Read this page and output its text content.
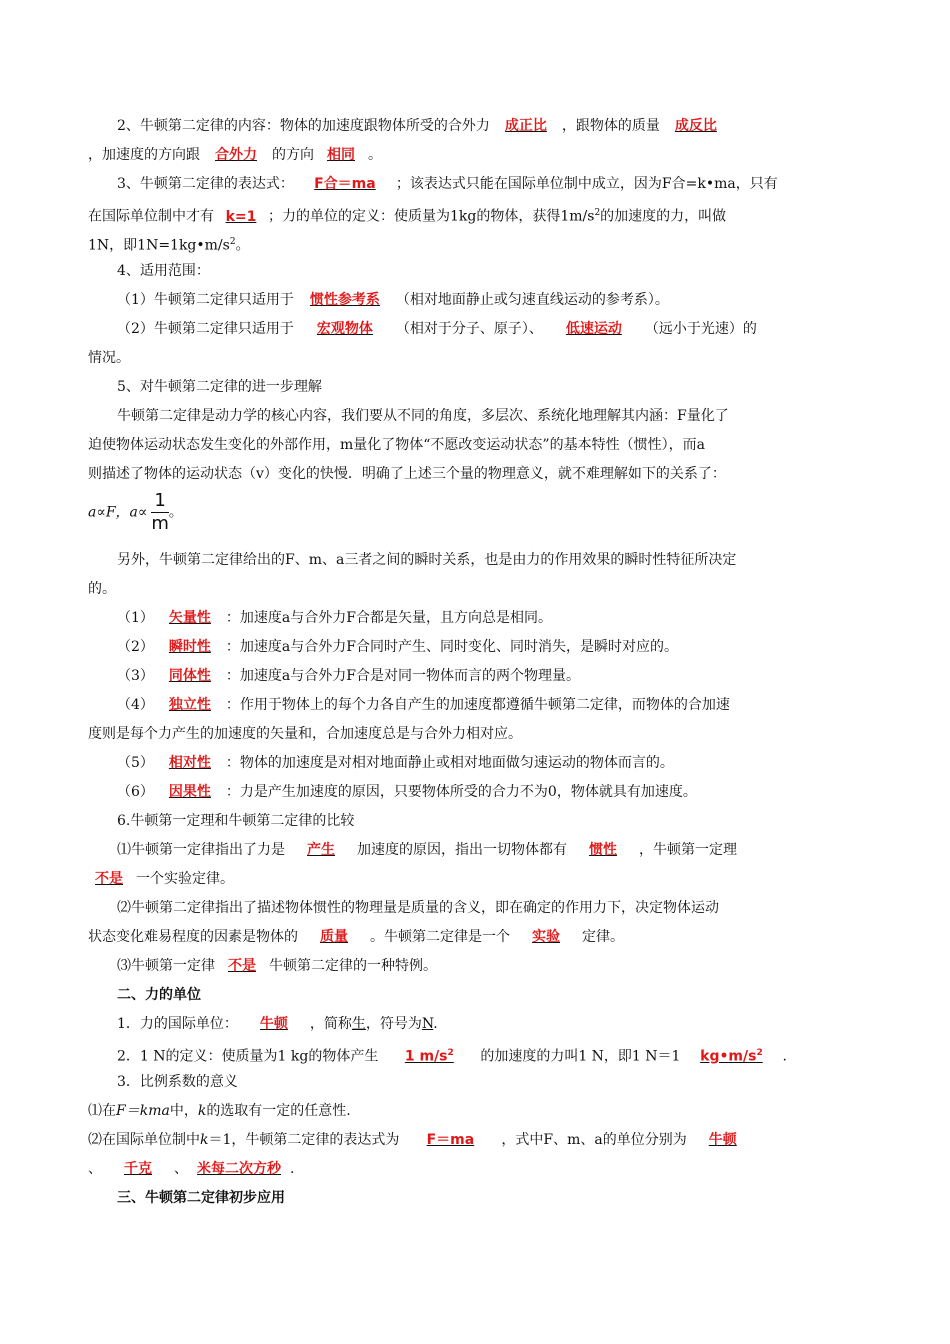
2、牛顿第二定律的内容：物体的加速度跟物体所受的合外力 成正比 ，跟物体的质量 成反比
，加速度的方向跟 合外力 的方向 相同 。
3、牛顿第二定律的表达式： F合＝ma ；该表达式只能在国际单位制中成立，因为F合=k•ma，只有
在国际单位制中才有 k=1 ；力的单位的定义：使质量为1kg的物体，获得$1m/s^2$的加速度的力，叫做
1N，即$1N=1kg•m/s^2$。
4、适用范围：
（1）牛顿第二定律只适用于 惯性参考系 （相对地面静止或匀速直线运动的参考系）。
（2）牛顿第二定律只适用于 宏观物体 （相对于分子、原子）、 低速运动 （远小于光速）的
情况。
5、对牛顿第二定律的进一步理解
牛顿第二定律是动力学的核心内容，我们要从不同的角度，多层次、系统化地理解其内涵：F量化了
迫使物体运动状态发生变化的外部作用，m量化了物体“不愿改变运动状态”的基本特性（惯性），而a
则描述了物体的运动状态（v）变化的快慢．明确了上述三个量的物理意义，就不难理解如下的关系了：
a∝F，$a\propto \frac{1}{m}$ 。
另外，牛顿第二定律给出的F、m、a三者之间的瞬时关系，也是由力的作用效果的瞬时性特征所决定
的。
（1） 矢量性 ：加速度a与合外力F合都是矢量，且方向总是相同。
（2） 瞬时性 ：加速度a与合外力F合同时产生、同时变化、同时消失，是瞬时对应的。
（3） 同体性 ：加速度a与合外力F合是对同一物体而言的两个物理量。
（4） 独立性 ：作用于物体上的每个力各自产生的加速度都遵循牛顿第二定律，而物体的合加速
度则是每个力产生的加速度的矢量和，合加速度总是与合外力相对应。
（5） 相对性 ：物体的加速度是对相对地面静止或相对地面做匀速运动的物体而言的。
（6） 因果性 ：力是产生加速度的原因，只要物体所受的合力不为0，物体就具有加速度。
6.牛顿第一定理和牛顿第二定律的比较
⑴牛顿第一定律指出了力是 产生 加速度的原因，指出一切物体都有 惯性 ，牛顿第一定理
不是 一个实验定律。
⑵牛顿第二定律指出了描述物体惯性的物理量是质量的含义，即在确定的作用力下，决定物体运动
状态变化难易程度的因素是物体的 质量 。牛顿第二定律是一个 实验 定律。
⑶牛顿第一定律 不是 牛顿第二定律的一种特例。
二、力的单位
1．力的国际单位： 牛顿 ，简称生，符号为N.
2．1 N的定义：使质量为1 kg的物体产生 1 $m/s^2$ 的加速度的力叫1 N，即1 N＝1 $kg•m/s^2$ .
3．比例系数的意义
⑴在F＝kma中，k的选取有一定的任意性.
⑵在国际单位制中k＝1，牛顿第二定律的表达式为 F＝ma ，式中F、m、a的单位分别为 牛顿
、 千克 、 米每二次方秒 .
三、牛顿第二定律初步应用
